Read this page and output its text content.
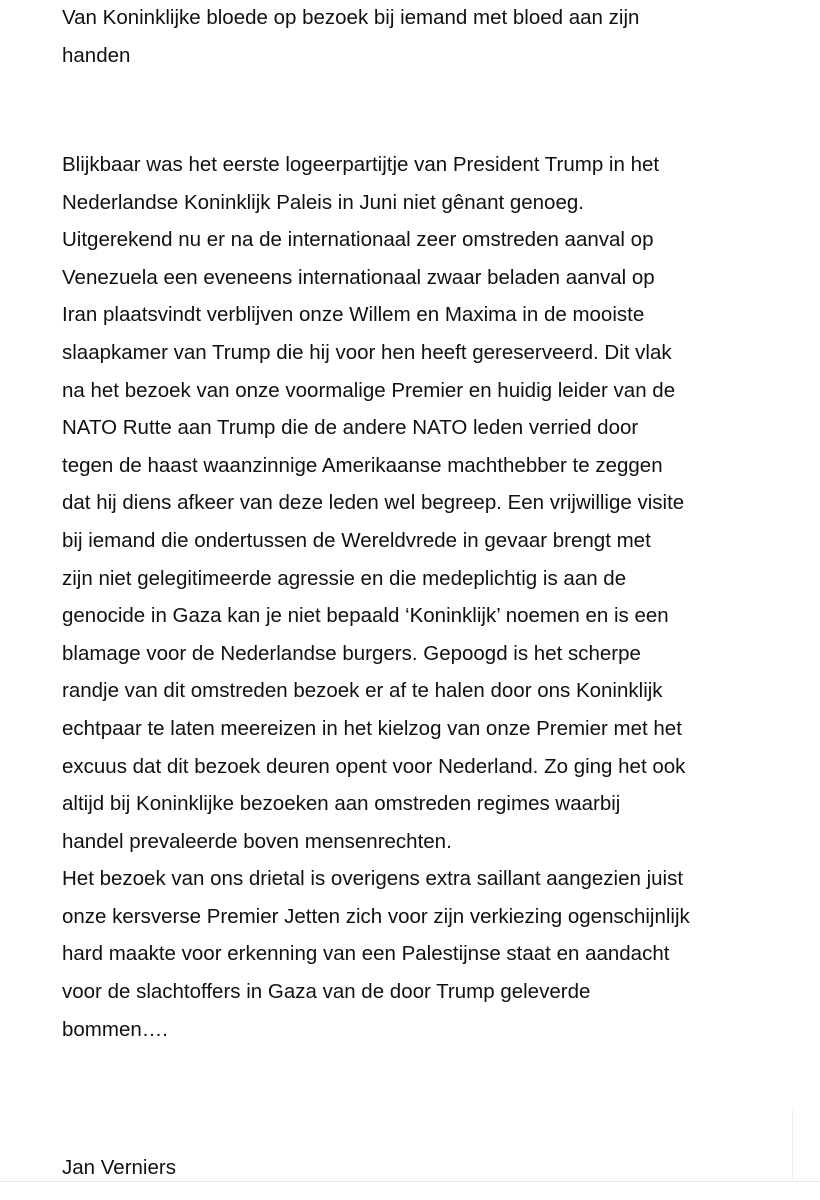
Van Koninklijke bloede op bezoek bij iemand met bloed aan zijn
handen
Blijkbaar was het eerste logeerpartijtje van President Trump in het
Nederlandse Koninklijk Paleis in Juni niet gênant genoeg.
Uitgerekend nu er na de internationaal zeer omstreden aanval op
Venezuela een eveneens internationaal zwaar beladen aanval op
Iran plaatsvindt verblijven onze Willem en Maxima in de mooiste
slaapkamer van Trump die hij voor hen heeft gereserveerd. Dit vlak
na het bezoek van onze voormalige Premier en huidig leider van de
NATO Rutte aan Trump die de andere NATO leden verried door
tegen de haast waanzinnige Amerikaanse machthebber te zeggen
dat hij diens afkeer van deze leden wel begreep. Een vrijwillige visite
bij iemand die ondertussen de Wereldvrede in gevaar brengt met
zijn niet gelegitimeerde agressie en die medeplichtig is aan de
genocide in Gaza kan je niet bepaald ‘Koninklijk’ noemen en is een
blamage voor de Nederlandse burgers. Gepoogd is het scherpe
randje van dit omstreden bezoek er af te halen door ons Koninklijk
echtpaar te laten meereizen in het kielzog van onze Premier met het
excuus dat dit bezoek deuren opent voor Nederland. Zo ging het ook
altijd bij Koninklijke bezoeken aan omstreden regimes waarbij
handel prevaleerde boven mensenrechten.
Het bezoek van ons drietal is overigens extra saillant aangezien juist
onze kersverse Premier Jetten zich voor zijn verkiezing ogenschijnlijk
hard maakte voor erkenning van een Palestijnse staat en aandacht
voor de slachtoffers in Gaza van de door Trump geleverde
bommen….
Jan Verniers
